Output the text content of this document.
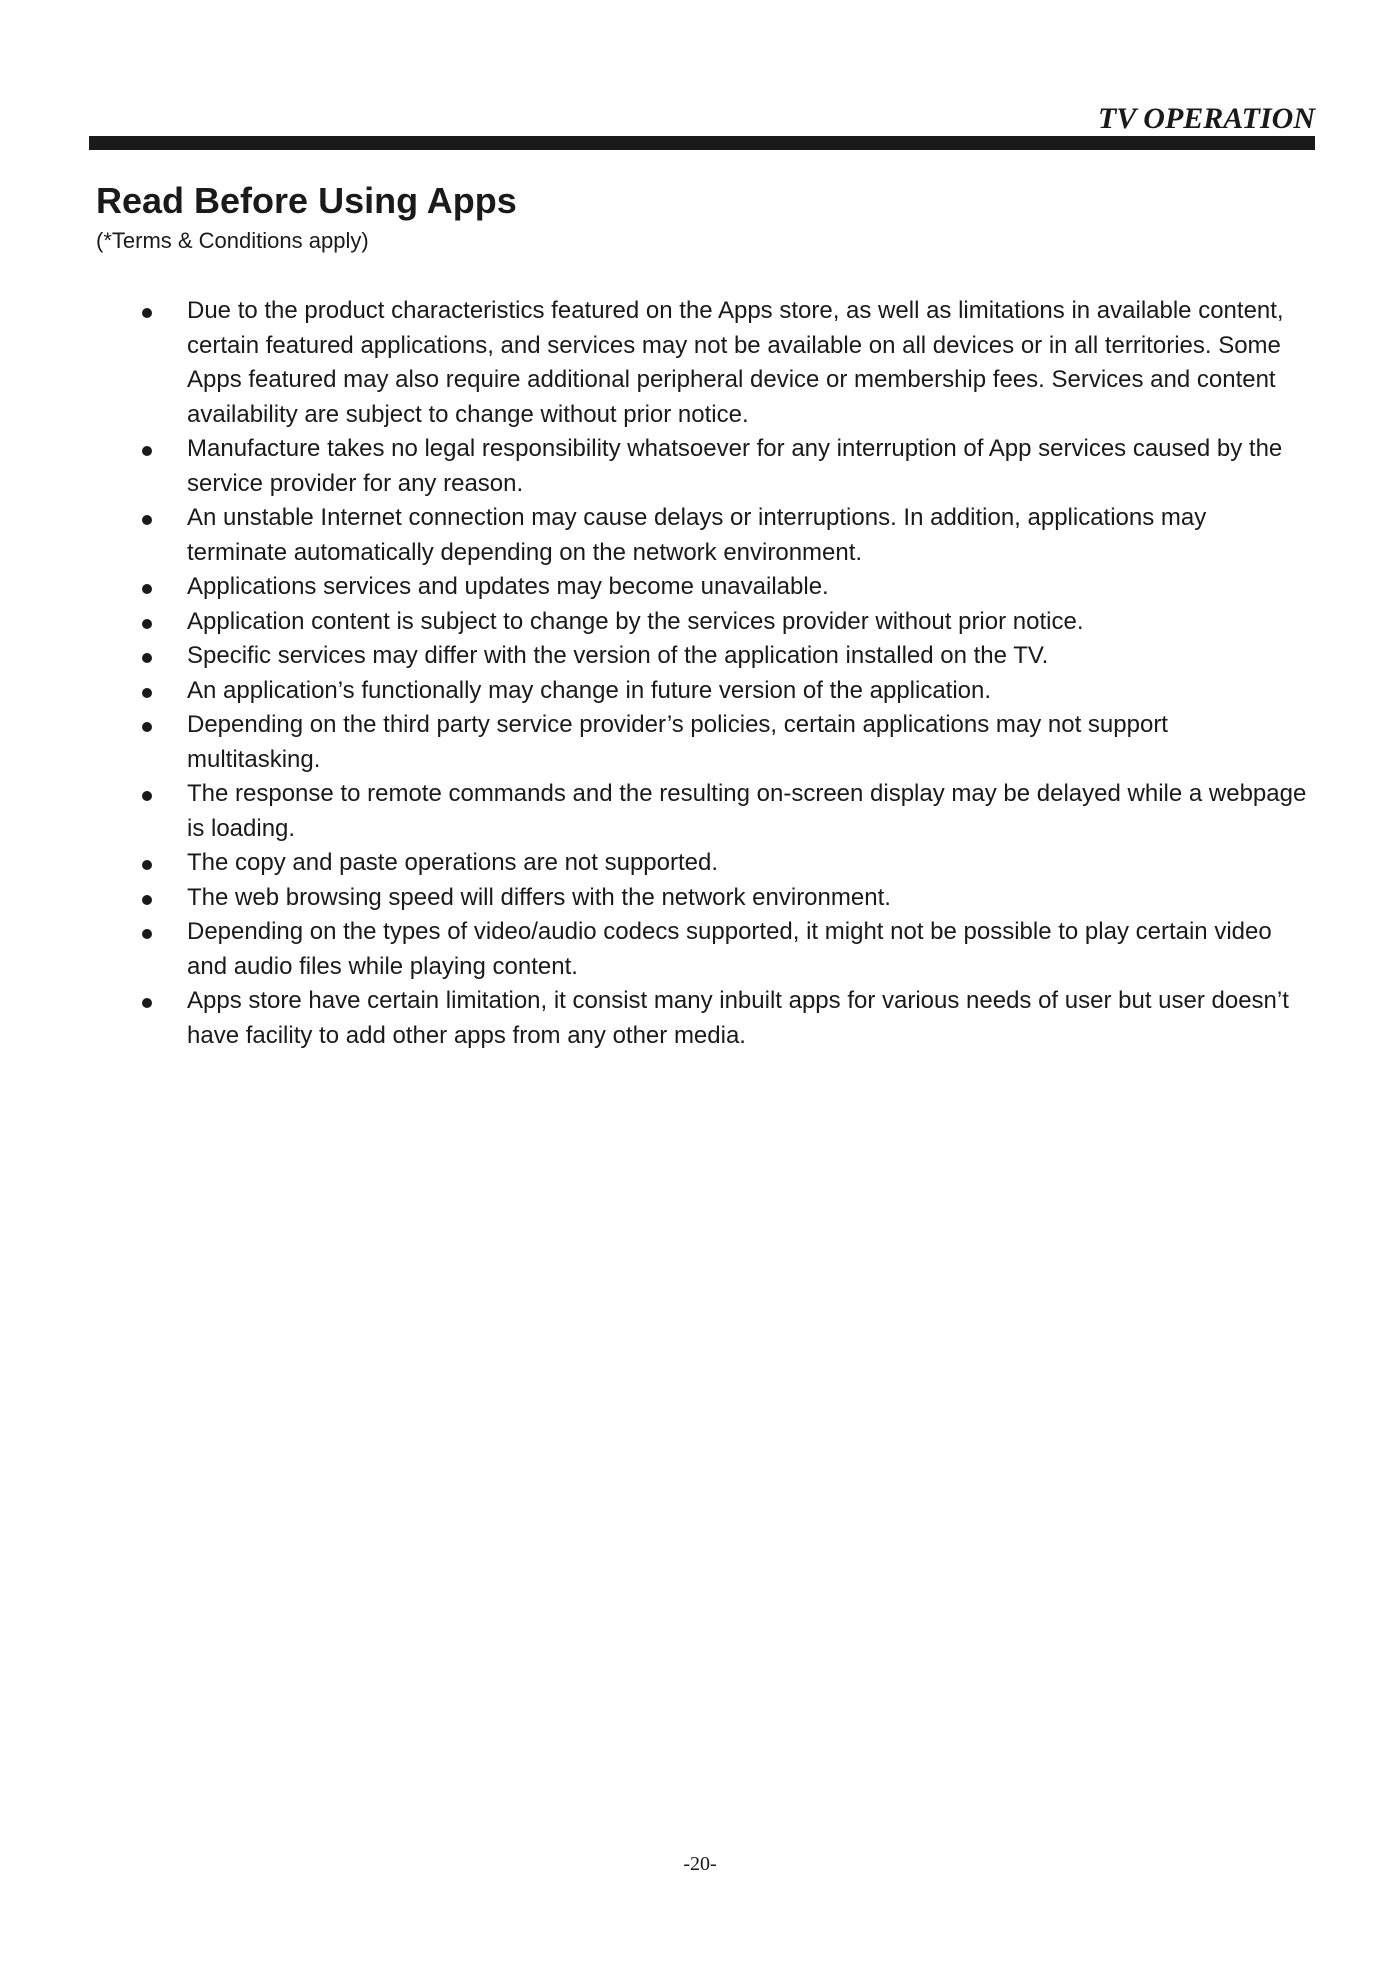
TV OPERATION
Read Before Using Apps
(*Terms & Conditions apply)
Due to the product characteristics featured on the Apps store, as well as limitations in available content, certain featured applications, and services may not be available on all devices or in all territories. Some Apps featured may also require additional peripheral device or membership fees. Services and content availability are subject to change without prior notice.
Manufacture takes no legal responsibility whatsoever for any interruption of App services caused by the service provider for any reason.
An unstable Internet connection may cause delays or interruptions. In addition, applications may terminate automatically depending on the network environment.
Applications services and updates may become unavailable.
Application content is subject to change by the services provider without prior notice.
Specific services may differ with the version of the application installed on the TV.
An application’s functionally may change in future version of the application.
Depending on the third party service provider’s policies, certain applications may not support multitasking.
The response to remote commands and the resulting on-screen display may be delayed while a webpage is loading.
The copy and paste operations are not supported.
The web browsing speed will differs with the network environment.
Depending on the types of video/audio codecs supported, it might not be possible to play certain video and audio files while playing content.
Apps store have certain limitation, it consist many inbuilt apps for various needs of user but user doesn’t have facility to add other apps from any other media.
-20-
